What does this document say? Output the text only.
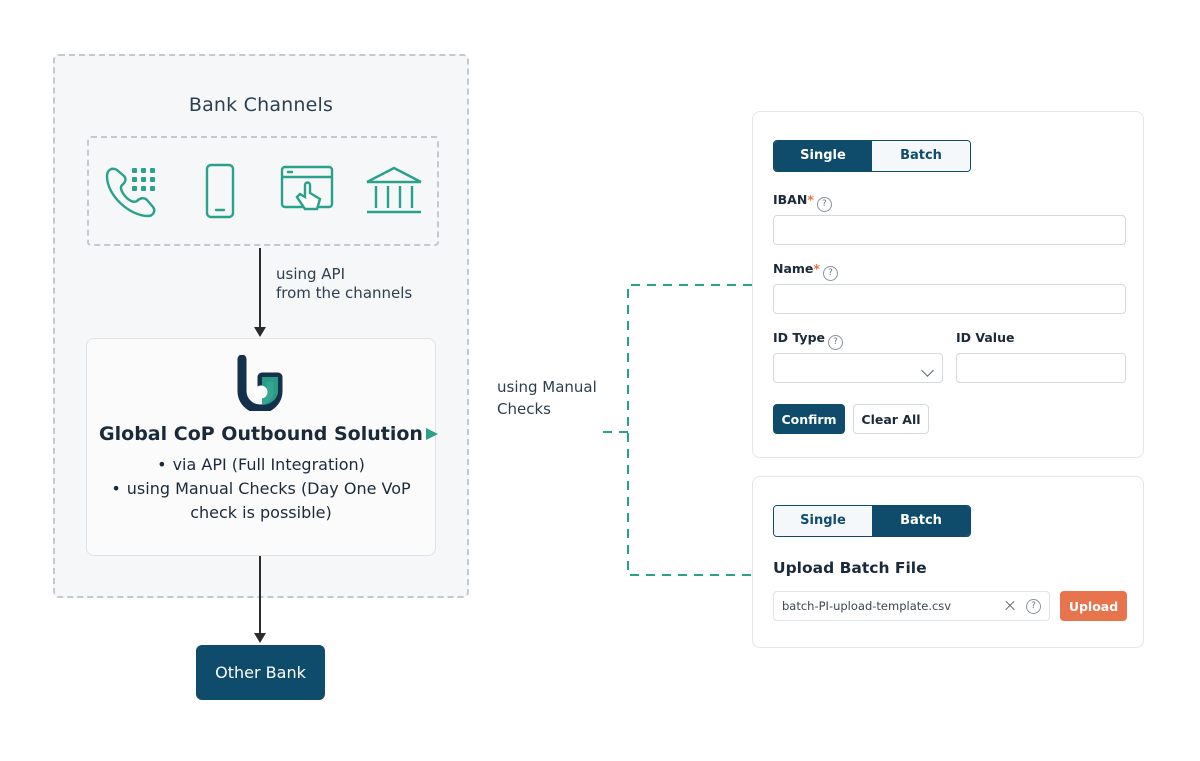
Bank Channels
using API
from the channels
Global CoP Outbound Solution
• via API (Full Integration)
• using Manual Checks (Day One VoP check is possible)
Other Bank
using Manual
Checks
Single	Batch
IBAN* ?
Name* ?
ID Type ?	ID Value
Confirm	Clear All
Single	Batch
Upload Batch File
batch-PI-upload-template.csv	?	Upload
